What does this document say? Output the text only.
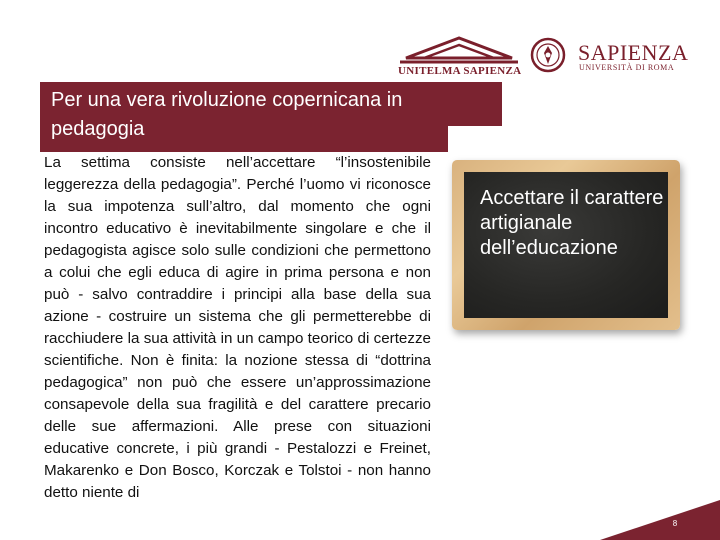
UNITELMA SAPIENZA
SAPIENZA
UNIVERSITÀ DI ROMA
Per una vera rivoluzione copernicana in pedagogia
La settima consiste nell’accettare “l’insostenibile leggerezza della pedagogia”. Perché l’uomo vi riconosce la sua impotenza sull’altro, dal momento che ogni incontro educativo è inevitabilmente singolare e che il pedagogista agisce solo sulle condizioni che permettono a colui che egli educa di agire in prima persona e non può - salvo contraddire i principi alla base della sua azione - costruire un sistema che gli permetterebbe di racchiudere la sua attività in un campo teorico di certezze scientifiche. Non è finita: la nozione stessa di “dottrina pedagogica” non può che essere un’approssimazione consapevole della sua fragilità e del carattere precario delle sue affermazioni. Alle prese con situazioni educative concrete, i più grandi - Pestalozzi e Freinet, Makarenko e Don Bosco, Korczak e Tolstoi - non hanno detto niente di
Accettare il carattere artigianale dell’educazione
8
